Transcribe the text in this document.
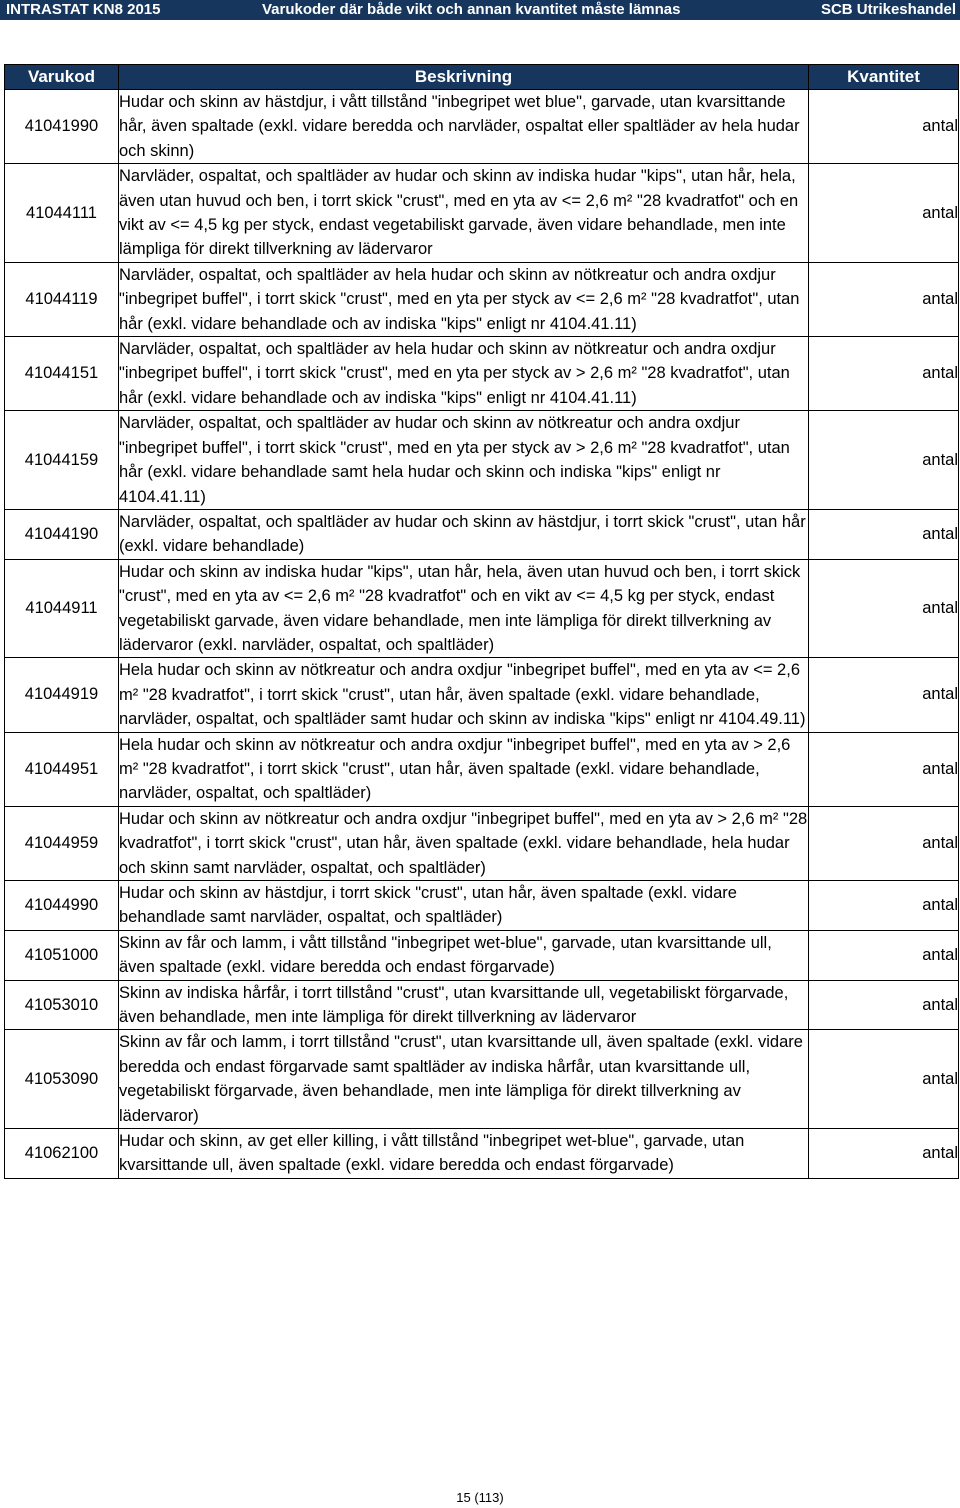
INTRASTAT KN8 2015	Varukoder där både vikt och annan kvantitet måste lämnas	SCB Utrikeshandel
Varukod	Beskrivning	Kvantitet
41041990	Hudar och skinn av hästdjur, i vått tillstånd "inbegripet wet blue", garvade, utan kvarsittande hår, även spaltade (exkl. vidare beredda och narvläder, ospaltat eller spaltläder av hela hudar och skinn)	antal
41044111	Narvläder, ospaltat, och spaltläder av hudar och skinn av indiska hudar "kips", utan hår, hela, även utan huvud och ben, i torrt skick "crust", med en yta av <= 2,6 m² "28 kvadratfot" och en vikt av <= 4,5 kg per styck, endast vegetabiliskt garvade, även vidare behandlade, men inte lämpliga för direkt tillverkning av lädervaror	antal
41044119	Narvläder, ospaltat, och spaltläder av hela hudar och skinn av nötkreatur och andra oxdjur "inbegripet buffel", i torrt skick "crust", med en yta per styck av <= 2,6 m² "28 kvadratfot", utan hår (exkl. vidare behandlade och av indiska "kips" enligt nr 4104.41.11)	antal
41044151	Narvläder, ospaltat, och spaltläder av hela hudar och skinn av nötkreatur och andra oxdjur "inbegripet buffel", i torrt skick "crust", med en yta per styck av > 2,6 m² "28 kvadratfot", utan hår (exkl. vidare behandlade och av indiska "kips" enligt nr 4104.41.11)	antal
41044159	Narvläder, ospaltat, och spaltläder av hudar och skinn av nötkreatur och andra oxdjur "inbegripet buffel", i torrt skick "crust", med en yta per styck av > 2,6 m² "28 kvadratfot", utan hår (exkl. vidare behandlade samt hela hudar och skinn och indiska "kips" enligt nr 4104.41.11)	antal
41044190	Narvläder, ospaltat, och spaltläder av hudar och skinn av hästdjur, i torrt skick "crust", utan hår (exkl. vidare behandlade)	antal
41044911	Hudar och skinn av indiska hudar "kips", utan hår, hela, även utan huvud och ben, i torrt skick "crust", med en yta av <= 2,6 m² "28 kvadratfot" och en vikt av <= 4,5 kg per styck, endast vegetabiliskt garvade, även vidare behandlade, men inte lämpliga för direkt tillverkning av lädervaror (exkl. narvläder, ospaltat, och spaltläder)	antal
41044919	Hela hudar och skinn av nötkreatur och andra oxdjur "inbegripet buffel", med en yta av <= 2,6 m² "28 kvadratfot", i torrt skick "crust", utan hår, även spaltade (exkl. vidare behandlade, narvläder, ospaltat, och spaltläder samt hudar och skinn av indiska "kips" enligt nr 4104.49.11)	antal
41044951	Hela hudar och skinn av nötkreatur och andra oxdjur "inbegripet buffel", med en yta av > 2,6 m² "28 kvadratfot", i torrt skick "crust", utan hår, även spaltade (exkl. vidare behandlade, narvläder, ospaltat, och spaltläder)	antal
41044959	Hudar och skinn av nötkreatur och andra oxdjur "inbegripet buffel", med en yta av > 2,6 m² "28 kvadratfot", i torrt skick "crust", utan hår, även spaltade (exkl. vidare behandlade, hela hudar och skinn samt narvläder, ospaltat, och spaltläder)	antal
41044990	Hudar och skinn av hästdjur, i torrt skick "crust", utan hår, även spaltade (exkl. vidare behandlade samt narvläder, ospaltat, och spaltläder)	antal
41051000	Skinn av får och lamm, i vått tillstånd "inbegripet wet-blue", garvade, utan kvarsittande ull, även spaltade (exkl. vidare beredda och endast förgarvade)	antal
41053010	Skinn av indiska hårfår, i torrt tillstånd "crust", utan kvarsittande ull, vegetabiliskt förgarvade, även behandlade, men inte lämpliga för direkt tillverkning av lädervaror	antal
41053090	Skinn av får och lamm, i torrt tillstånd "crust", utan kvarsittande ull, även spaltade (exkl. vidare beredda och endast förgarvade samt spaltläder av indiska hårfår, utan kvarsittande ull, vegetabiliskt förgarvade, även behandlade, men inte lämpliga för direkt tillverkning av lädervaror)	antal
41062100	Hudar och skinn, av get eller killing, i vått tillstånd "inbegripet wet-blue", garvade, utan kvarsittande ull, även spaltade (exkl. vidare beredda och endast förgarvade)	antal
15 (113)
